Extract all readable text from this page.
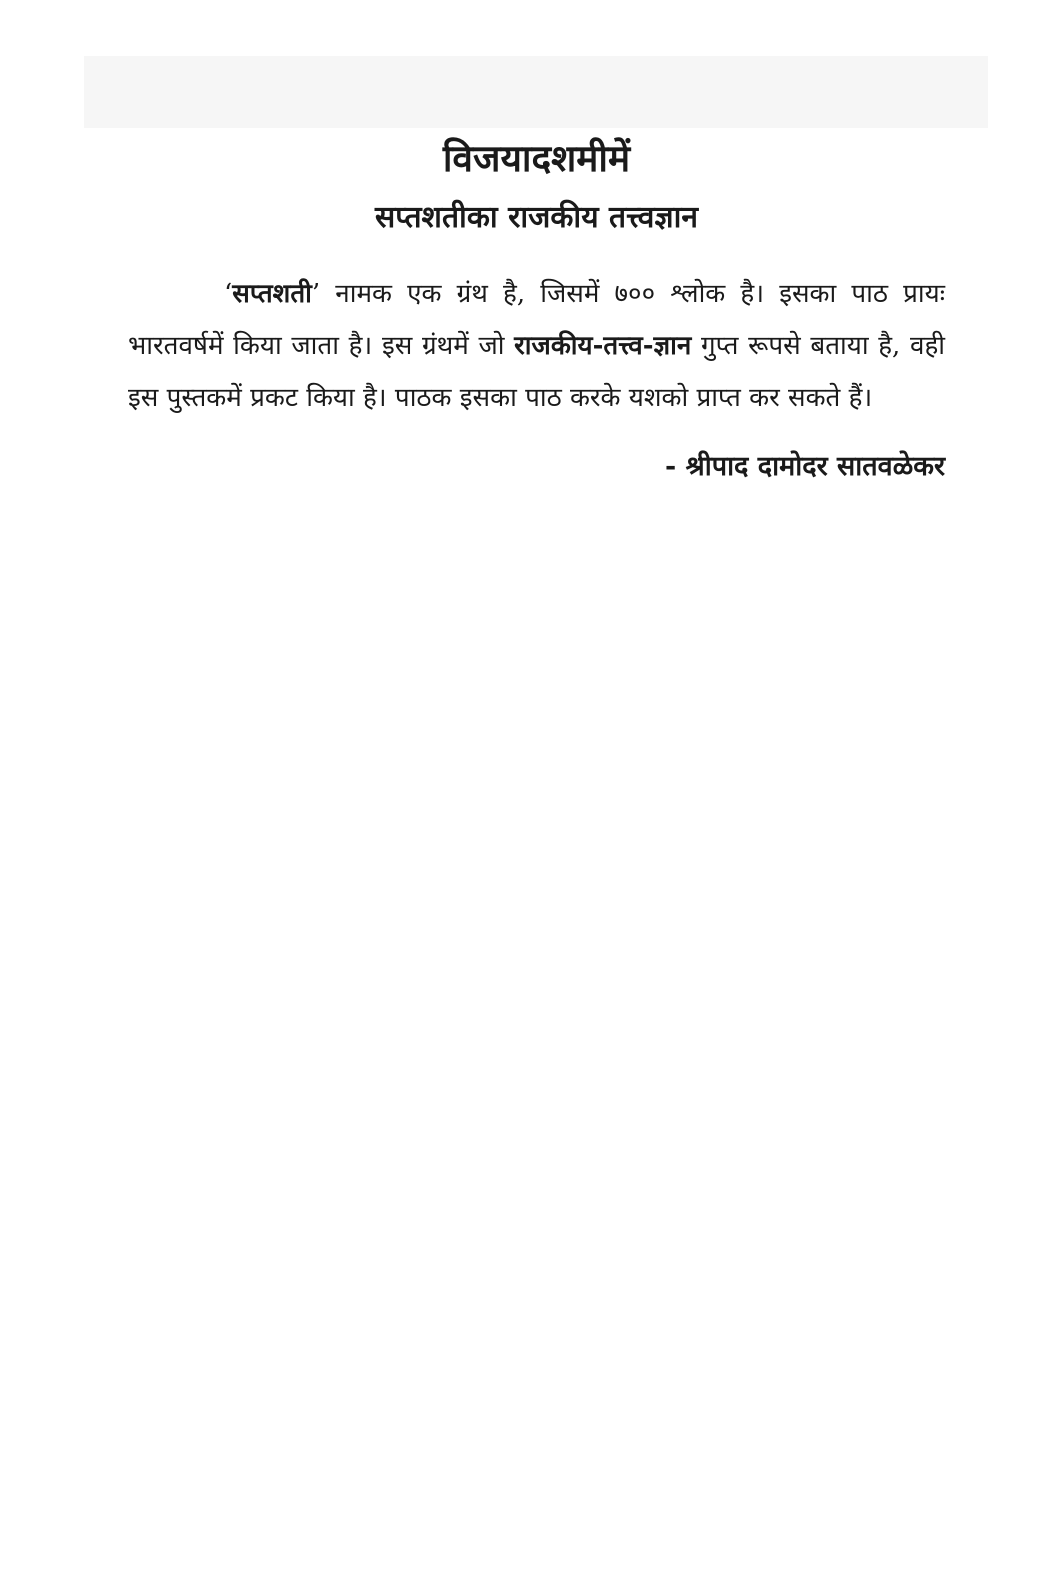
विजयादशमीमें
सप्तशतीका राजकीय तत्त्वज्ञान

‘सप्तशती’ नामक एक ग्रंथ है, जिसमें ७०० श्लोक है। इसका पाठ प्रायः भारतवर्षमें किया जाता है। इस ग्रंथमें जो राजकीय-तत्त्व-ज्ञान गुप्त रूपसे बताया है, वही इस पुस्तकमें प्रकट किया है। पाठक इसका पाठ करके यशको प्राप्त कर सकते हैं।

- श्रीपाद दामोदर सातवळेकर
